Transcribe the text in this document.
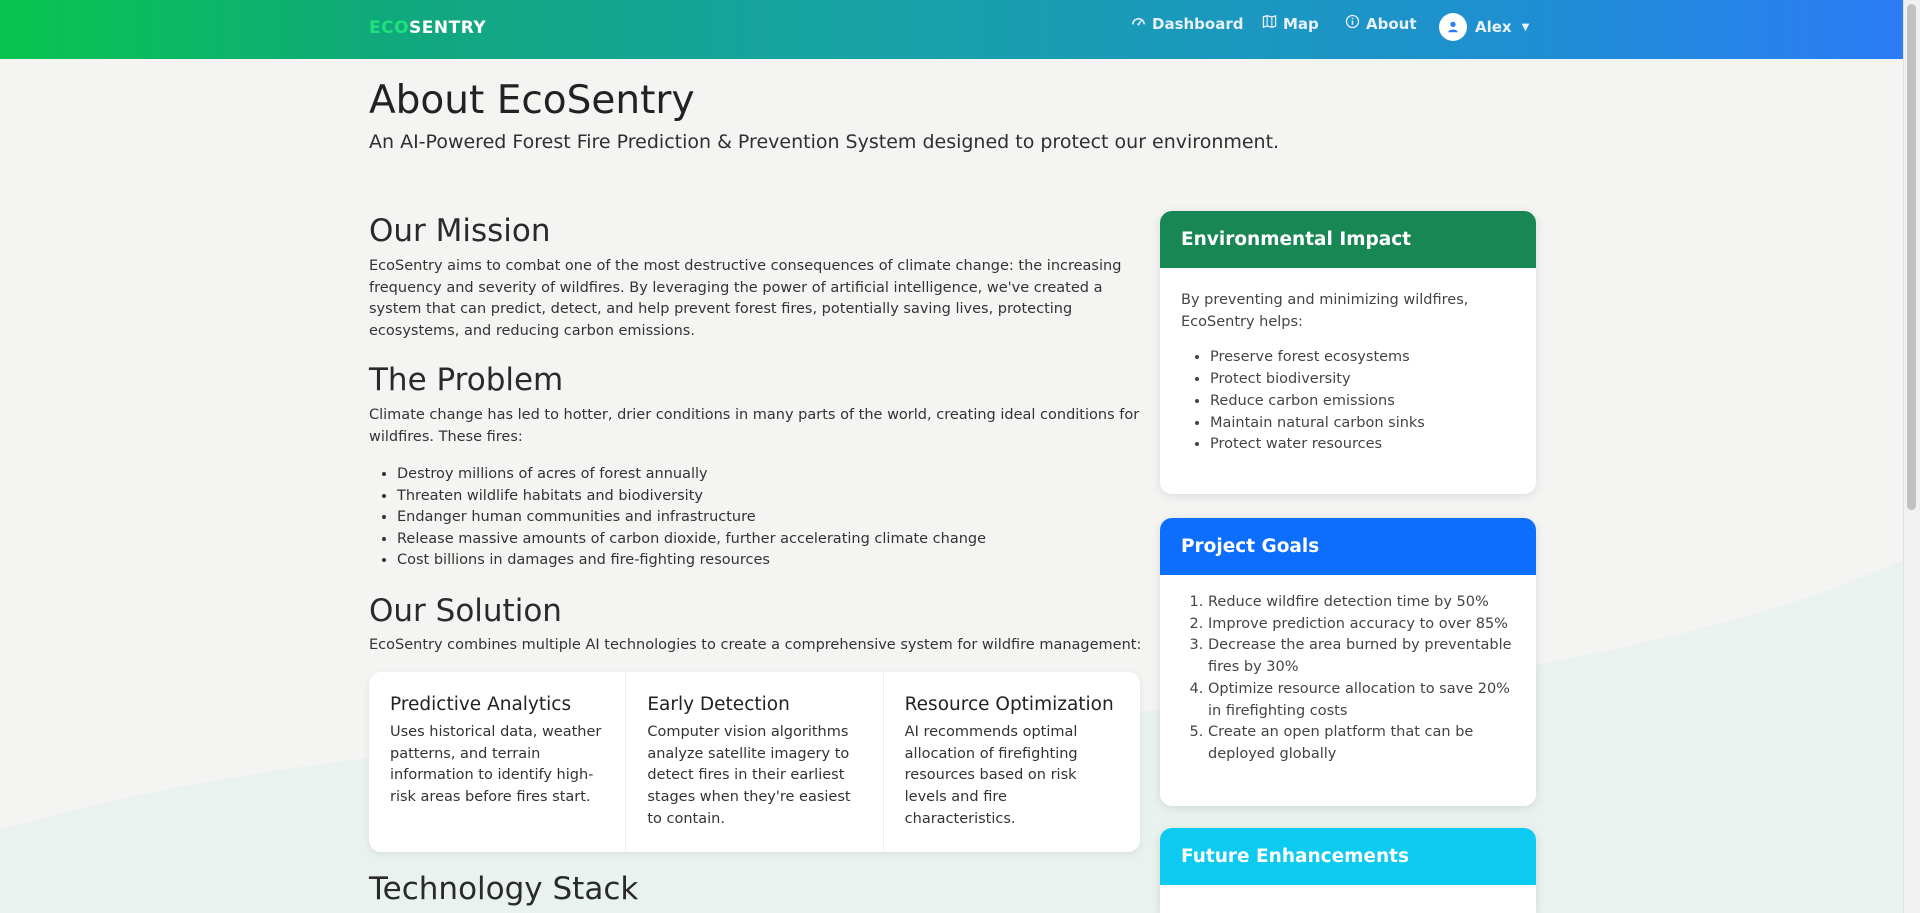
ECOSENTRY	Dashboard	Map	About	Alex ▼
About EcoSentry
An AI-Powered Forest Fire Prediction & Prevention System designed to protect our environment.
Our Mission

EcoSentry aims to combat one of the most destructive consequences of climate change: the increasing frequency and severity of wildfires. By leveraging the power of artificial intelligence, we've created a system that can predict, detect, and help prevent forest fires, potentially saving lives, protecting ecosystems, and reducing carbon emissions.

The Problem

Climate change has led to hotter, drier conditions in many parts of the world, creating ideal conditions for wildfires. These fires:

• Destroy millions of acres of forest annually
• Threaten wildlife habitats and biodiversity
• Endanger human communities and infrastructure
• Release massive amounts of carbon dioxide, further accelerating climate change
• Cost billions in damages and fire-fighting resources
Our Solution

EcoSentry combines multiple AI technologies to create a comprehensive system for wildfire management:

Predictive Analytics

Uses historical data, weather patterns, and terrain information to identify high-risk areas before fires start.

Early Detection

Computer vision algorithms analyze satellite imagery to detect fires in their earliest stages when they're easiest to contain.

Resource Optimization

AI recommends optimal allocation of firefighting resources based on risk levels and fire characteristics.

Technology Stack
Environmental Impact
By preventing and minimizing wildfires, EcoSentry helps:
• Preserve forest ecosystems
• Protect biodiversity
• Reduce carbon emissions
• Maintain natural carbon sinks
• Protect water resources
Project Goals
1. Reduce wildfire detection time by 50%
2. Improve prediction accuracy to over 85%
3. Decrease the area burned by preventable fires by 30%
4. Optimize resource allocation to save 20% in firefighting costs
5. Create an open platform that can be deployed globally
Future Enhancements
